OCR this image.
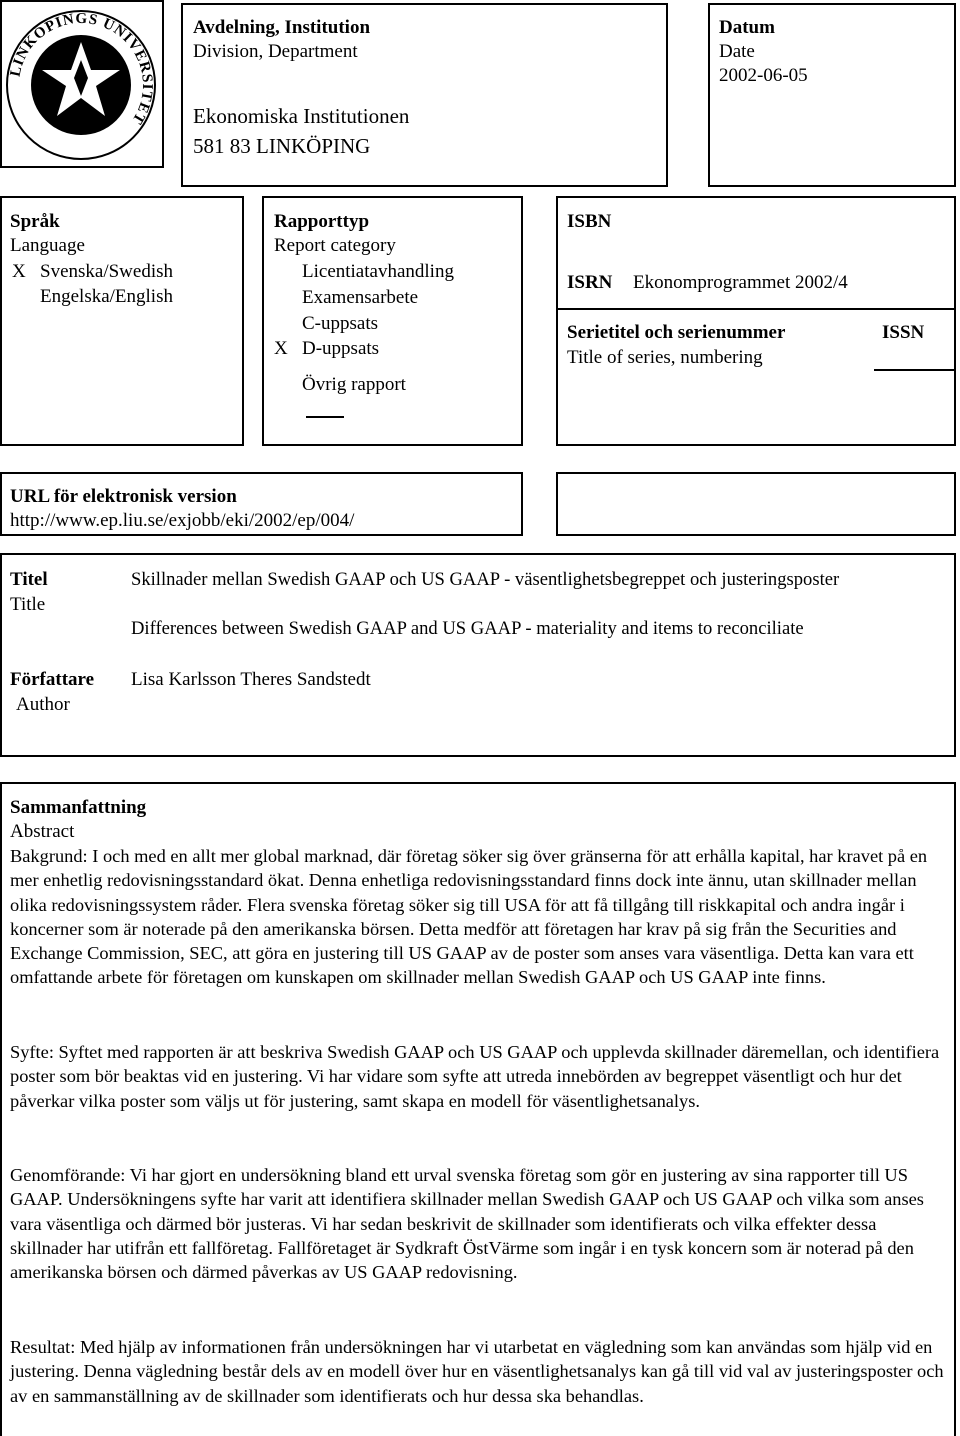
LINKÖPINGS UNIVERSITET
Avdelning, Institution
Division, Department
Ekonomiska Institutionen
581 83 LINKÖPING
Datum
Date
2002-06-05
Språk
Language
X Svenska/Swedish
Engelska/English
Rapporttyp
Report category
Licentiatavhandling
Examensarbete
C-uppsats
X D-uppsats
Övrig rapport
ISBN
ISRN Ekonomprogrammet 2002/4
Serietitel och serienummer
Title of series, numbering
ISSN
URL för elektronisk version
http://www.ep.liu.se/exjobb/eki/2002/ep/004/
Titel
Title
Skillnader mellan Swedish GAAP och US GAAP - väsentlighetsbegreppet och justeringsposter
Differences between Swedish GAAP and US GAAP - materiality and items to reconciliate
Författare
Author
Lisa Karlsson Theres Sandstedt
Sammanfattning
Abstract
Bakgrund: I och med en allt mer global marknad, där företag söker sig över gränserna för att erhålla kapital, har kravet på en mer enhetlig redovisningsstandard ökat. Denna enhetliga redovisningsstandard finns dock inte ännu, utan skillnader mellan olika redovisningssystem råder. Flera svenska företag söker sig till USA för att få tillgång till riskkapital och andra ingår i koncerner som är noterade på den amerikanska börsen. Detta medför att företagen har krav på sig från the Securities and Exchange Commission, SEC, att göra en justering till US GAAP av de poster som anses vara väsentliga. Detta kan vara ett omfattande arbete för företagen om kunskapen om skillnader mellan Swedish GAAP och US GAAP inte finns.
Syfte: Syftet med rapporten är att beskriva Swedish GAAP och US GAAP och upplevda skillnader däremellan, och identifiera poster som bör beaktas vid en justering. Vi har vidare som syfte att utreda innebörden av begreppet väsentligt och hur det påverkar vilka poster som väljs ut för justering, samt skapa en modell för väsentlighetsanalys.
Genomförande: Vi har gjort en undersökning bland ett urval svenska företag som gör en justering av sina rapporter till US GAAP. Undersökningens syfte har varit att identifiera skillnader mellan Swedish GAAP och US GAAP och vilka som anses vara väsentliga och därmed bör justeras. Vi har sedan beskrivit de skillnader som identifierats och vilka effekter dessa skillnader har utifrån ett fallföretag. Fallföretaget är Sydkraft ÖstVärme som ingår i en tysk koncern som är noterad på den amerikanska börsen och därmed påverkas av US GAAP redovisning.
Resultat: Med hjälp av informationen från undersökningen har vi utarbetat en vägledning som kan användas som hjälp vid en justering. Denna vägledning består dels av en modell över hur en väsentlighetsanalys kan gå till vid val av justeringsposter och av en sammanställning av de skillnader som identifierats och hur dessa ska behandlas.
